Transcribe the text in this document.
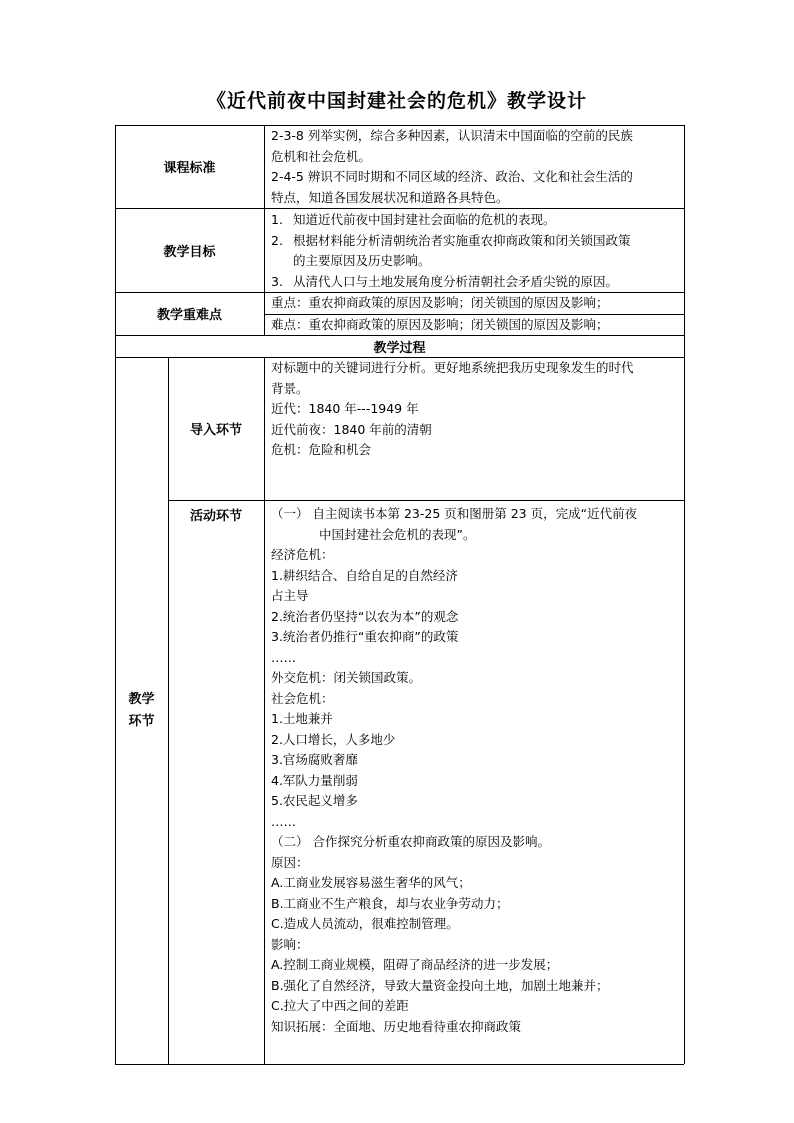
《近代前夜中国封建社会的危机》教学设计
课程标准
2-3-8 列举实例，综合多种因素，认识清末中国面临的空前的民族
危机和社会危机。
2-4-5 辨识不同时期和不同区域的经济、政治、文化和社会生活的
特点，知道各国发展状况和道路各具特色。
教学目标
1. 知道近代前夜中国封建社会面临的危机的表现。
2. 根据材料能分析清朝统治者实施重农抑商政策和闭关锁国政策
的主要原因及历史影响。
3. 从清代人口与土地发展角度分析清朝社会矛盾尖锐的原因。
教学重难点
重点：重农抑商政策的原因及影响；闭关锁国的原因及影响；
难点：重农抑商政策的原因及影响；闭关锁国的原因及影响；
教学过程
教学
环节
导入环节
对标题中的关键词进行分析。更好地系统把我历史现象发生的时代
背景。
近代：1840 年---1949 年
近代前夜：1840 年前的清朝
危机：危险和机会
活动环节	（一） 自主阅读书本第 23-25 页和图册第 23 页，完成“近代前夜
中国封建社会危机的表现”。
经济危机：
1.耕织结合、自给自足的自然经济
占主导
2.统治者仍坚持“以农为本”的观念
3.统治者仍推行“重农抑商”的政策
……
外交危机：闭关锁国政策。
社会危机：
1.土地兼并
2.人口增长，人多地少
3.官场腐败奢靡
4.军队力量削弱
5.农民起义增多
……
（二） 合作探究分析重农抑商政策的原因及影响。
原因：
A.工商业发展容易滋生奢华的风气；
B.工商业不生产粮食，却与农业争劳动力；
C.造成人员流动，很难控制管理。
影响：
A.控制工商业规模，阻碍了商品经济的进一步发展；
B.强化了自然经济，导致大量资金投向土地，加剧土地兼并；
C.拉大了中西之间的差距
知识拓展：全面地、历史地看待重农抑商政策
